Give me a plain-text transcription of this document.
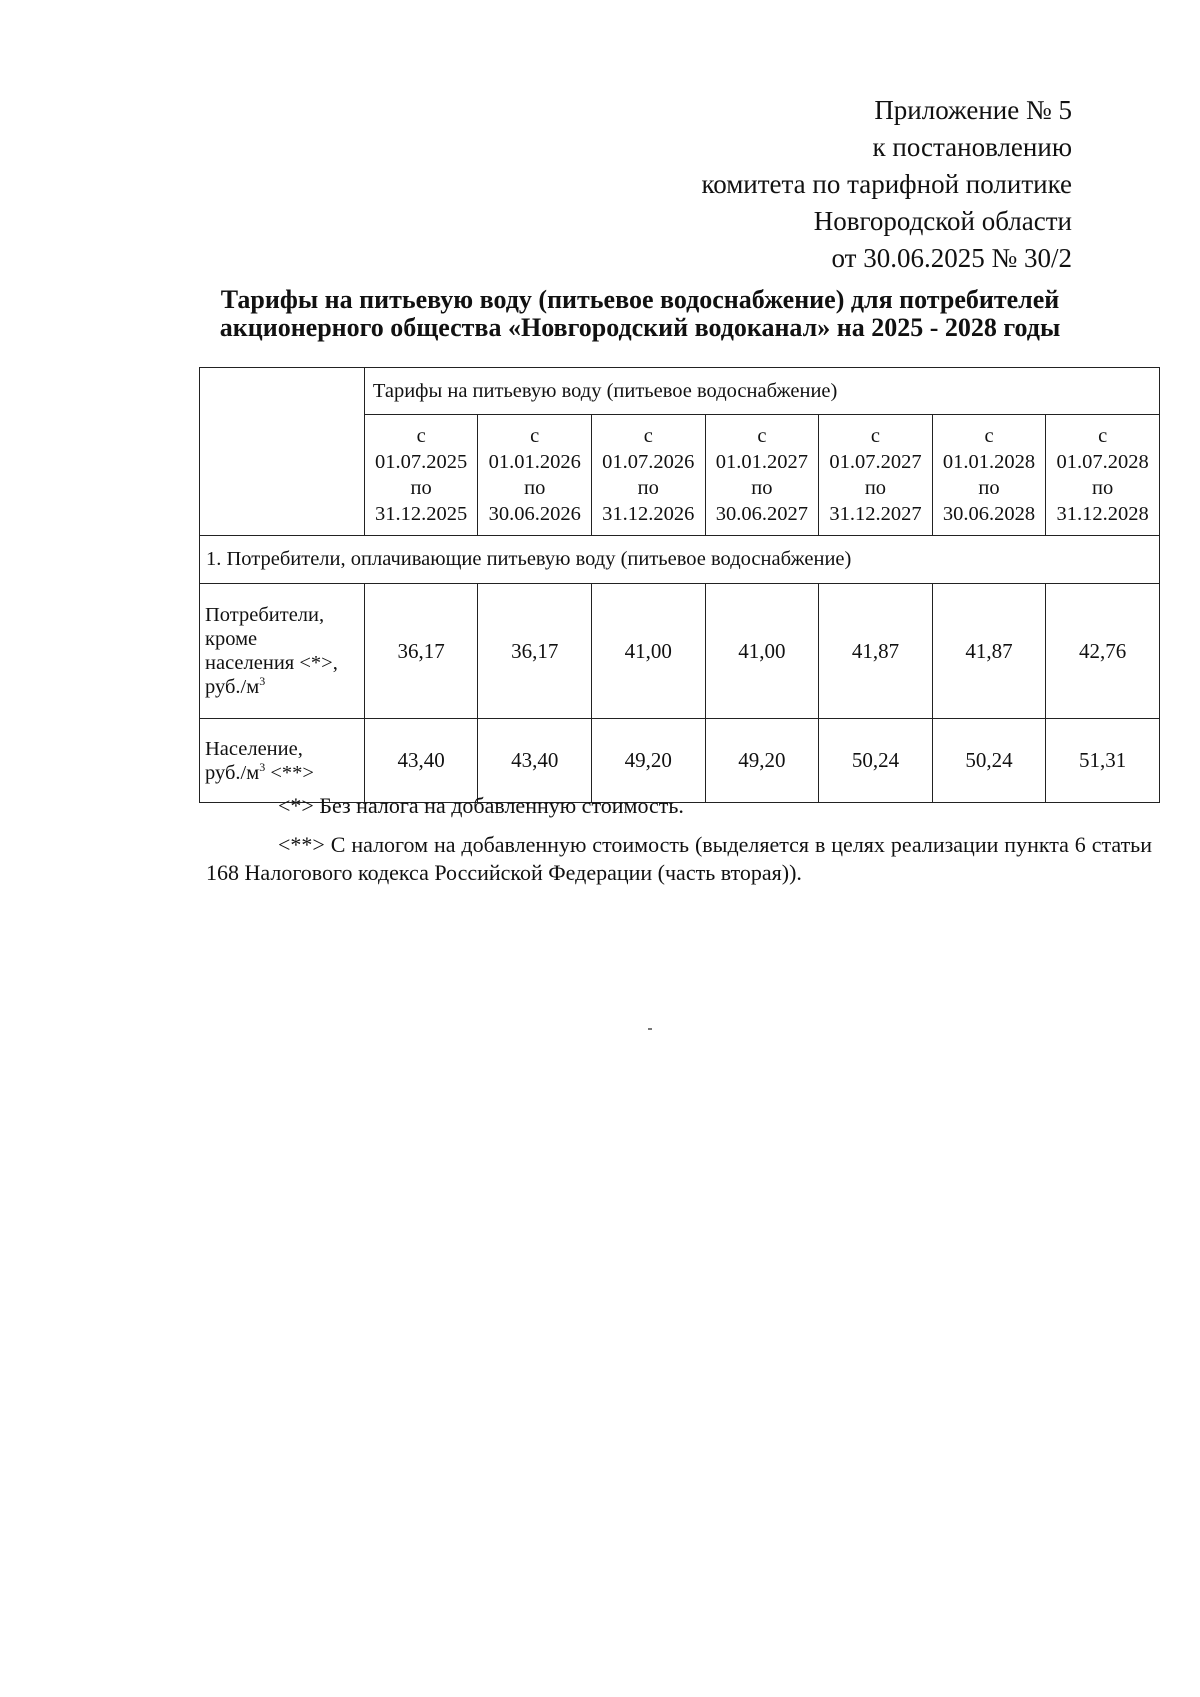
Приложение № 5
к постановлению
комитета по тарифной политике
Новгородской области
от 30.06.2025 № 30/2
Тарифы на питьевую воду (питьевое водоснабжение) для потребителей
акционерного общества «Новгородский водоканал» на 2025 - 2028 годы
	Тарифы на питьевую воду (питьевое водоснабжение)						

	с
01.07.2025
по
31.12.2025	с
01.01.2026
по
30.06.2026	с
01.07.2026
по
31.12.2026	с
01.01.2027
по
30.06.2027	с
01.07.2027
по
31.12.2027	с
01.01.2028
по
30.06.2028	с
01.07.2028
по
31.12.2028

1. Потребители, оплачивающие питьевую воду (питьевое водоснабжение)							
Потребители,
кроме
населения <*>,
$руб./м^3$	36,17	36,17	41,00	41,00	41,87	41,87	42,76
Население,
$руб./м^3$ <**>	43,40	43,40	49,20	49,20	50,24	50,24	51,31

<*> Без налога на добавленную стоимость.

<**> С налогом на добавленную стоимость (выделяется в целях реализации пункта 6 статьи 168 Налогового кодекса Российской Федерации (часть вторая)).
